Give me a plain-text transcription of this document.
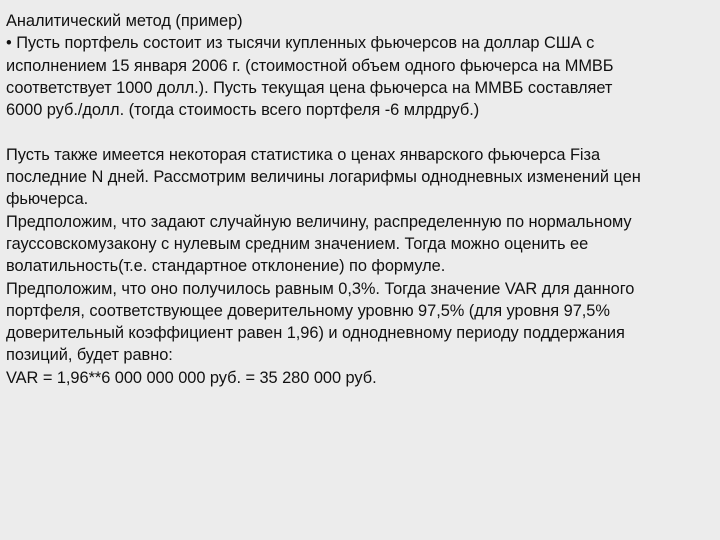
Аналитический метод (пример)
• Пусть портфель состоит из тысячи купленных фьючерсов на доллар США с
исполнением 15 января 2006 г. (стоимостной объем одного фьючерса на ММВБ
соответствует 1000 долл.). Пусть текущая цена фьючерса на ММВБ составляет
6000 руб./долл. (тогда стоимость всего портфеля -6 млрдруб.)
Пусть также имеется некоторая статистика о ценах январского фьючерса Fiза
последние N дней. Рассмотрим величины логарифмы однодневных изменений цен
фьючерса.
Предположим, что задают случайную величину, распределенную по нормальному
гауссовскомузакону с нулевым средним значением. Тогда можно оценить ее
волатильность(т.е. стандартное отклонение) по формуле.
Предположим, что оно получилось равным 0,3%. Тогда значение VAR для данного
портфеля, соответствующее доверительному уровню 97,5% (для уровня 97,5%
доверительный коэффициент равен 1,96) и однодневному периоду поддержания
позиций, будет равно:
VAR = 1,96**6 000 000 000 руб. = 35 280 000 руб.
